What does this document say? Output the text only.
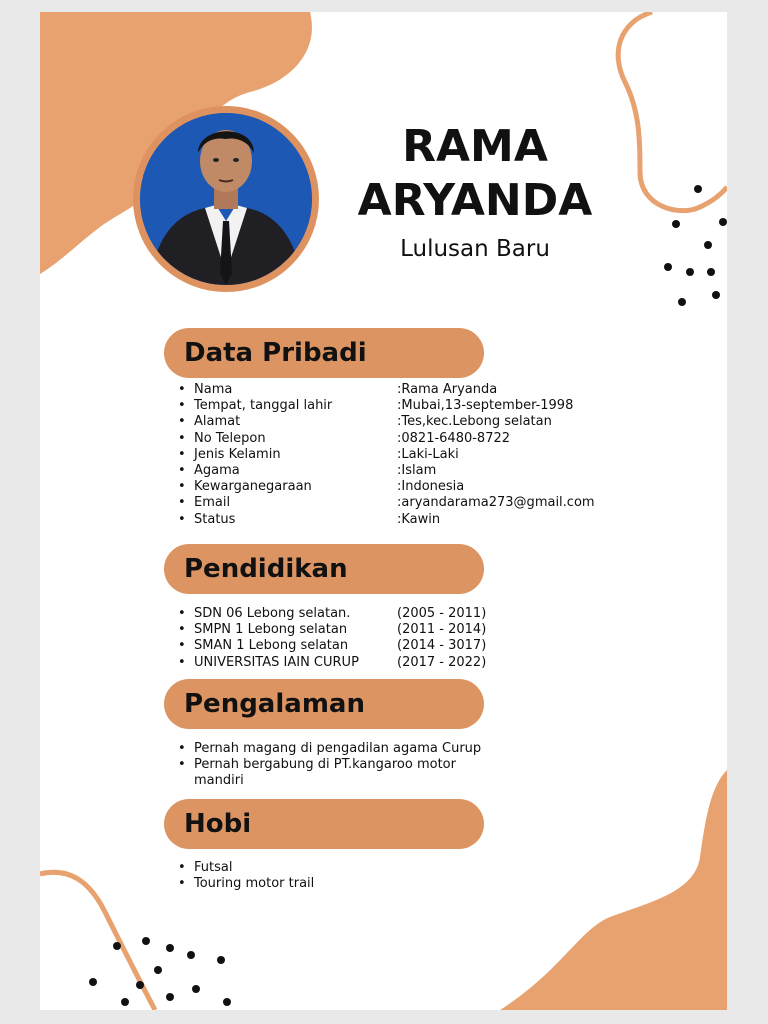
RAMA
ARYANDA
Lulusan Baru
Data Pribadi
• Nama	:Rama Aryanda
• Tempat, tanggal lahir	:Mubai,13-september-1998
• Alamat	:Tes,kec.Lebong selatan
• No Telepon	:0821-6480-8722
• Jenis Kelamin	:Laki-Laki
• Agama	:Islam
• Kewarganegaraan	:Indonesia
• Email	:aryandarama273@gmail.com
• Status	:Kawin
Pendidikan
• SDN 06 Lebong selatan.	(2005 - 2011)
• SMPN 1 Lebong selatan	(2011 - 2014)
• SMAN 1 Lebong selatan	(2014 - 3017)
• UNIVERSITAS IAIN CURUP	(2017 - 2022)
Pengalaman
• Pernah magang di pengadilan agama Curup
• Pernah bergabung di PT.kangaroo motor mandiri
Hobi
• Futsal
• Touring motor trail
